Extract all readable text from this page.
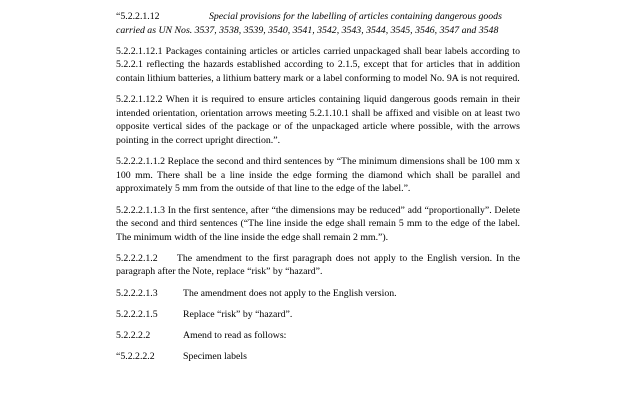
“5.2.2.1.12	Special provisions for the labelling of articles containing dangerous goods carried as UN Nos. 3537, 3538, 3539, 3540, 3541, 3542, 3543, 3544, 3545, 3546, 3547 and 3548

5.2.2.1.12.1 Packages containing articles or articles carried unpackaged shall bear labels according to 5.2.2.1 reflecting the hazards established according to 2.1.5, except that for articles that in addition contain lithium batteries, a lithium battery mark or a label conforming to model No. 9A is not required.

5.2.2.1.12.2 When it is required to ensure articles containing liquid dangerous goods remain in their intended orientation, orientation arrows meeting 5.2.1.10.1 shall be affixed and visible on at least two opposite vertical sides of the package or of the unpackaged article where possible, with the arrows pointing in the correct upright direction.”.

5.2.2.2.1.1.2 Replace the second and third sentences by “The minimum dimensions shall be 100 mm x 100 mm. There shall be a line inside the edge forming the diamond which shall be parallel and approximately 5 mm from the outside of that line to the edge of the label.”.

5.2.2.2.1.1.3 In the first sentence, after “the dimensions may be reduced” add “proportionally”. Delete the second and third sentences (“The line inside the edge shall remain 5 mm to the edge of the label. The minimum width of the line inside the edge shall remain 2 mm.”).

5.2.2.2.1.2     The amendment to the first paragraph does not apply to the English version. In the paragraph after the Note, replace “risk” by “hazard”.

5.2.2.2.1.3	The amendment does not apply to the English version.
5.2.2.2.1.5	Replace “risk” by “hazard”.
5.2.2.2.2	Amend to read as follows:
“5.2.2.2.2	Specimen labels
